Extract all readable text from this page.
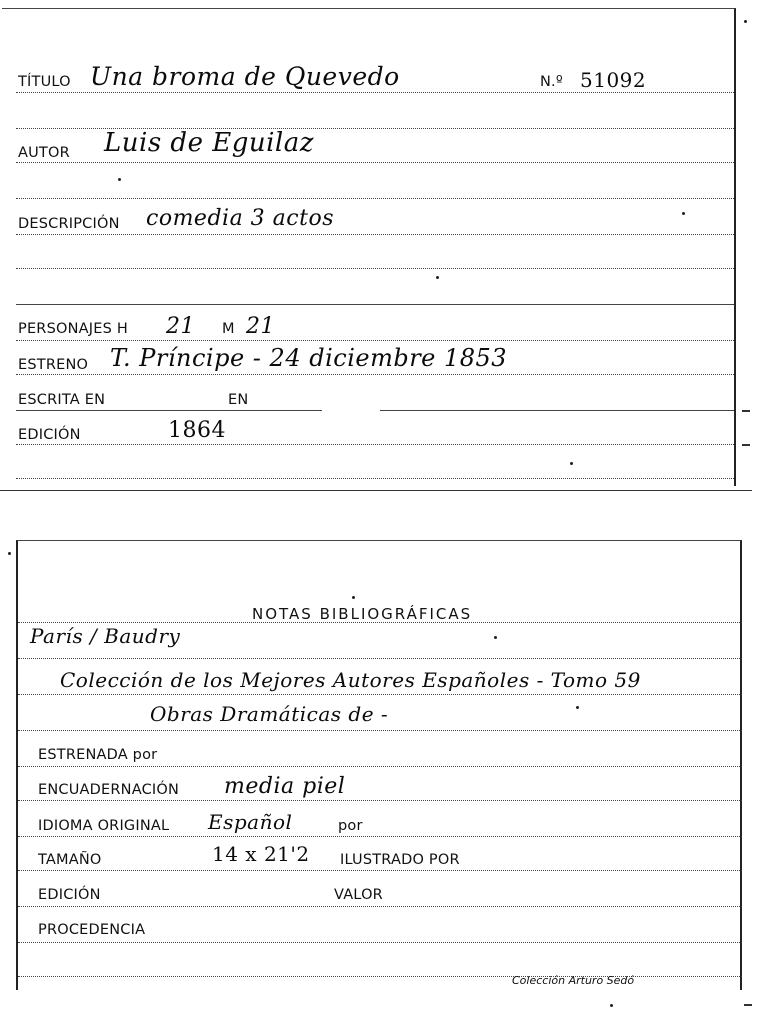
TÍTULO Una broma de Quevedo	N.º 51092
AUTOR Luis de Eguilaz
DESCRIPCIÓN comedia 3 actos
PERSONAJES H 21 M 21
ESTRENO T. Príncipe - 24 diciembre 1853
ESCRITA EN	EN
EDICIÓN	1864
NOTAS BIBLIOGRÁFICAS
París / Baudry
Colección de los Mejores Autores Españoles - Tomo 59
Obras Dramáticas de -
ESTRENADA por
ENCUADERNACIÓN media piel
IDIOMA ORIGINAL Español	por
TAMAÑO	14 x 21'2 ILUSTRADO POR
EDICIÓN	VALOR
PROCEDENCIA
Colección Arturo Sedó
